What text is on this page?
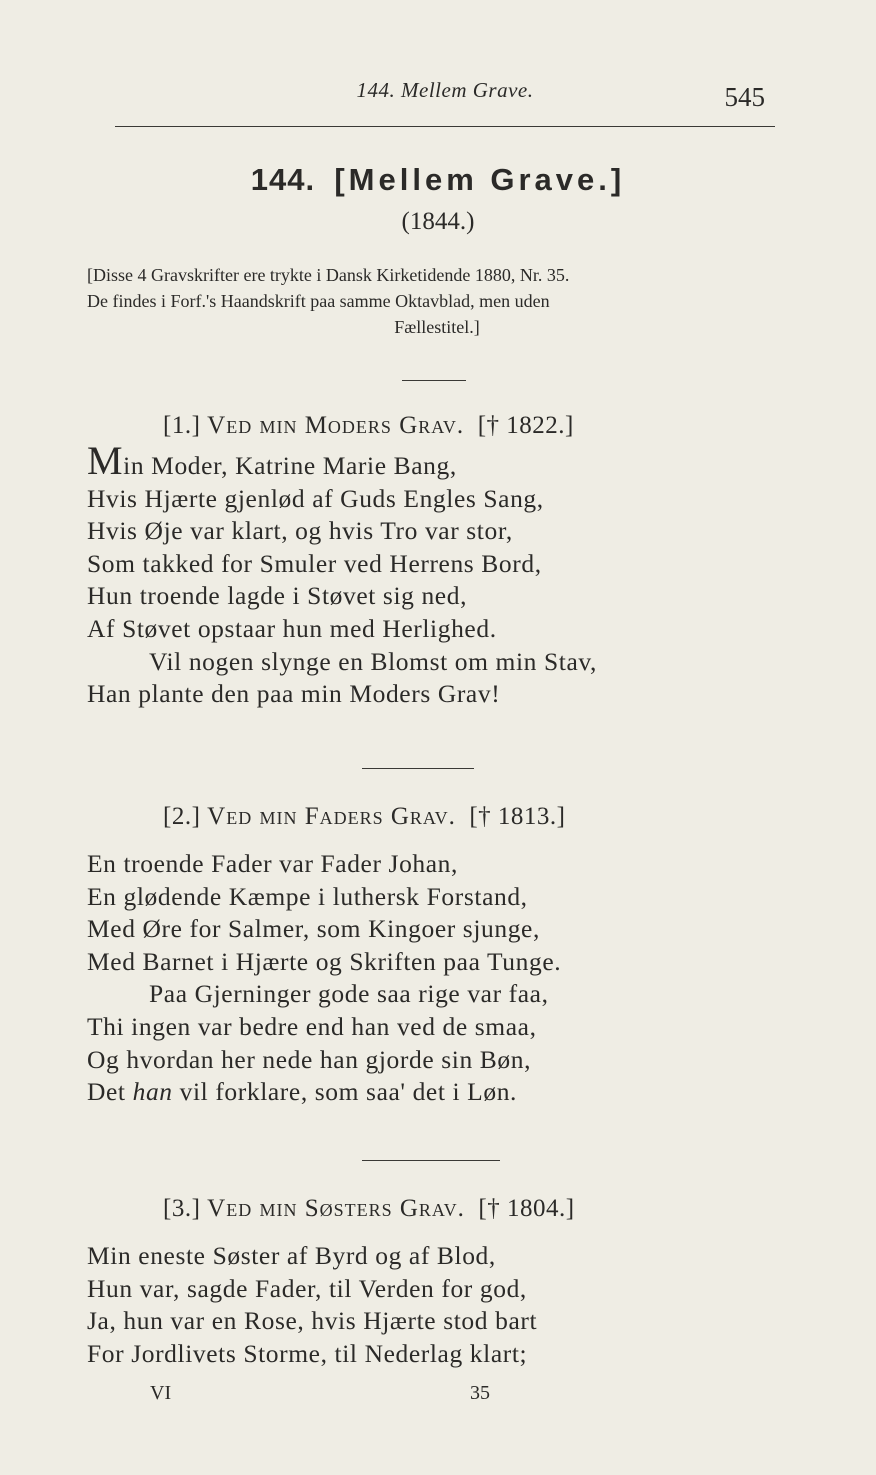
144. Mellem Grave.	545
144. [Mellem Grave.]
(1844.)
[Disse 4 Gravskrifter ere trykte i Dansk Kirketidende 1880, Nr. 35.
De findes i Forf.'s Haandskrift paa samme Oktavblad, men uden
Fællestitel.]
[1.] Ved min Moders Grav. [† 1822.]
Min Moder, Katrine Marie Bang,
Hvis Hjærte gjenlød af Guds Engles Sang,
Hvis Øje var klart, og hvis Tro var stor,
Som takked for Smuler ved Herrens Bord,
Hun troende lagde i Støvet sig ned,
Af Støvet opstaar hun med Herlighed.
Vil nogen slynge en Blomst om min Stav,
Han plante den paa min Moders Grav!
[2.] Ved min Faders Grav. [† 1813.]
En troende Fader var Fader Johan,
En glødende Kæmpe i luthersk Forstand,
Med Øre for Salmer, som Kingoer sjunge,
Med Barnet i Hjærte og Skriften paa Tunge.
Paa Gjerninger gode saa rige var faa,
Thi ingen var bedre end han ved de smaa,
Og hvordan her nede han gjorde sin Bøn,
Det han vil forklare, som saa' det i Løn.
[3.] Ved min Søsters Grav. [† 1804.]
Min eneste Søster af Byrd og af Blod,
Hun var, sagde Fader, til Verden for god,
Ja, hun var en Rose, hvis Hjærte stod bart
For Jordlivets Storme, til Nederlag klart;
VI	35
